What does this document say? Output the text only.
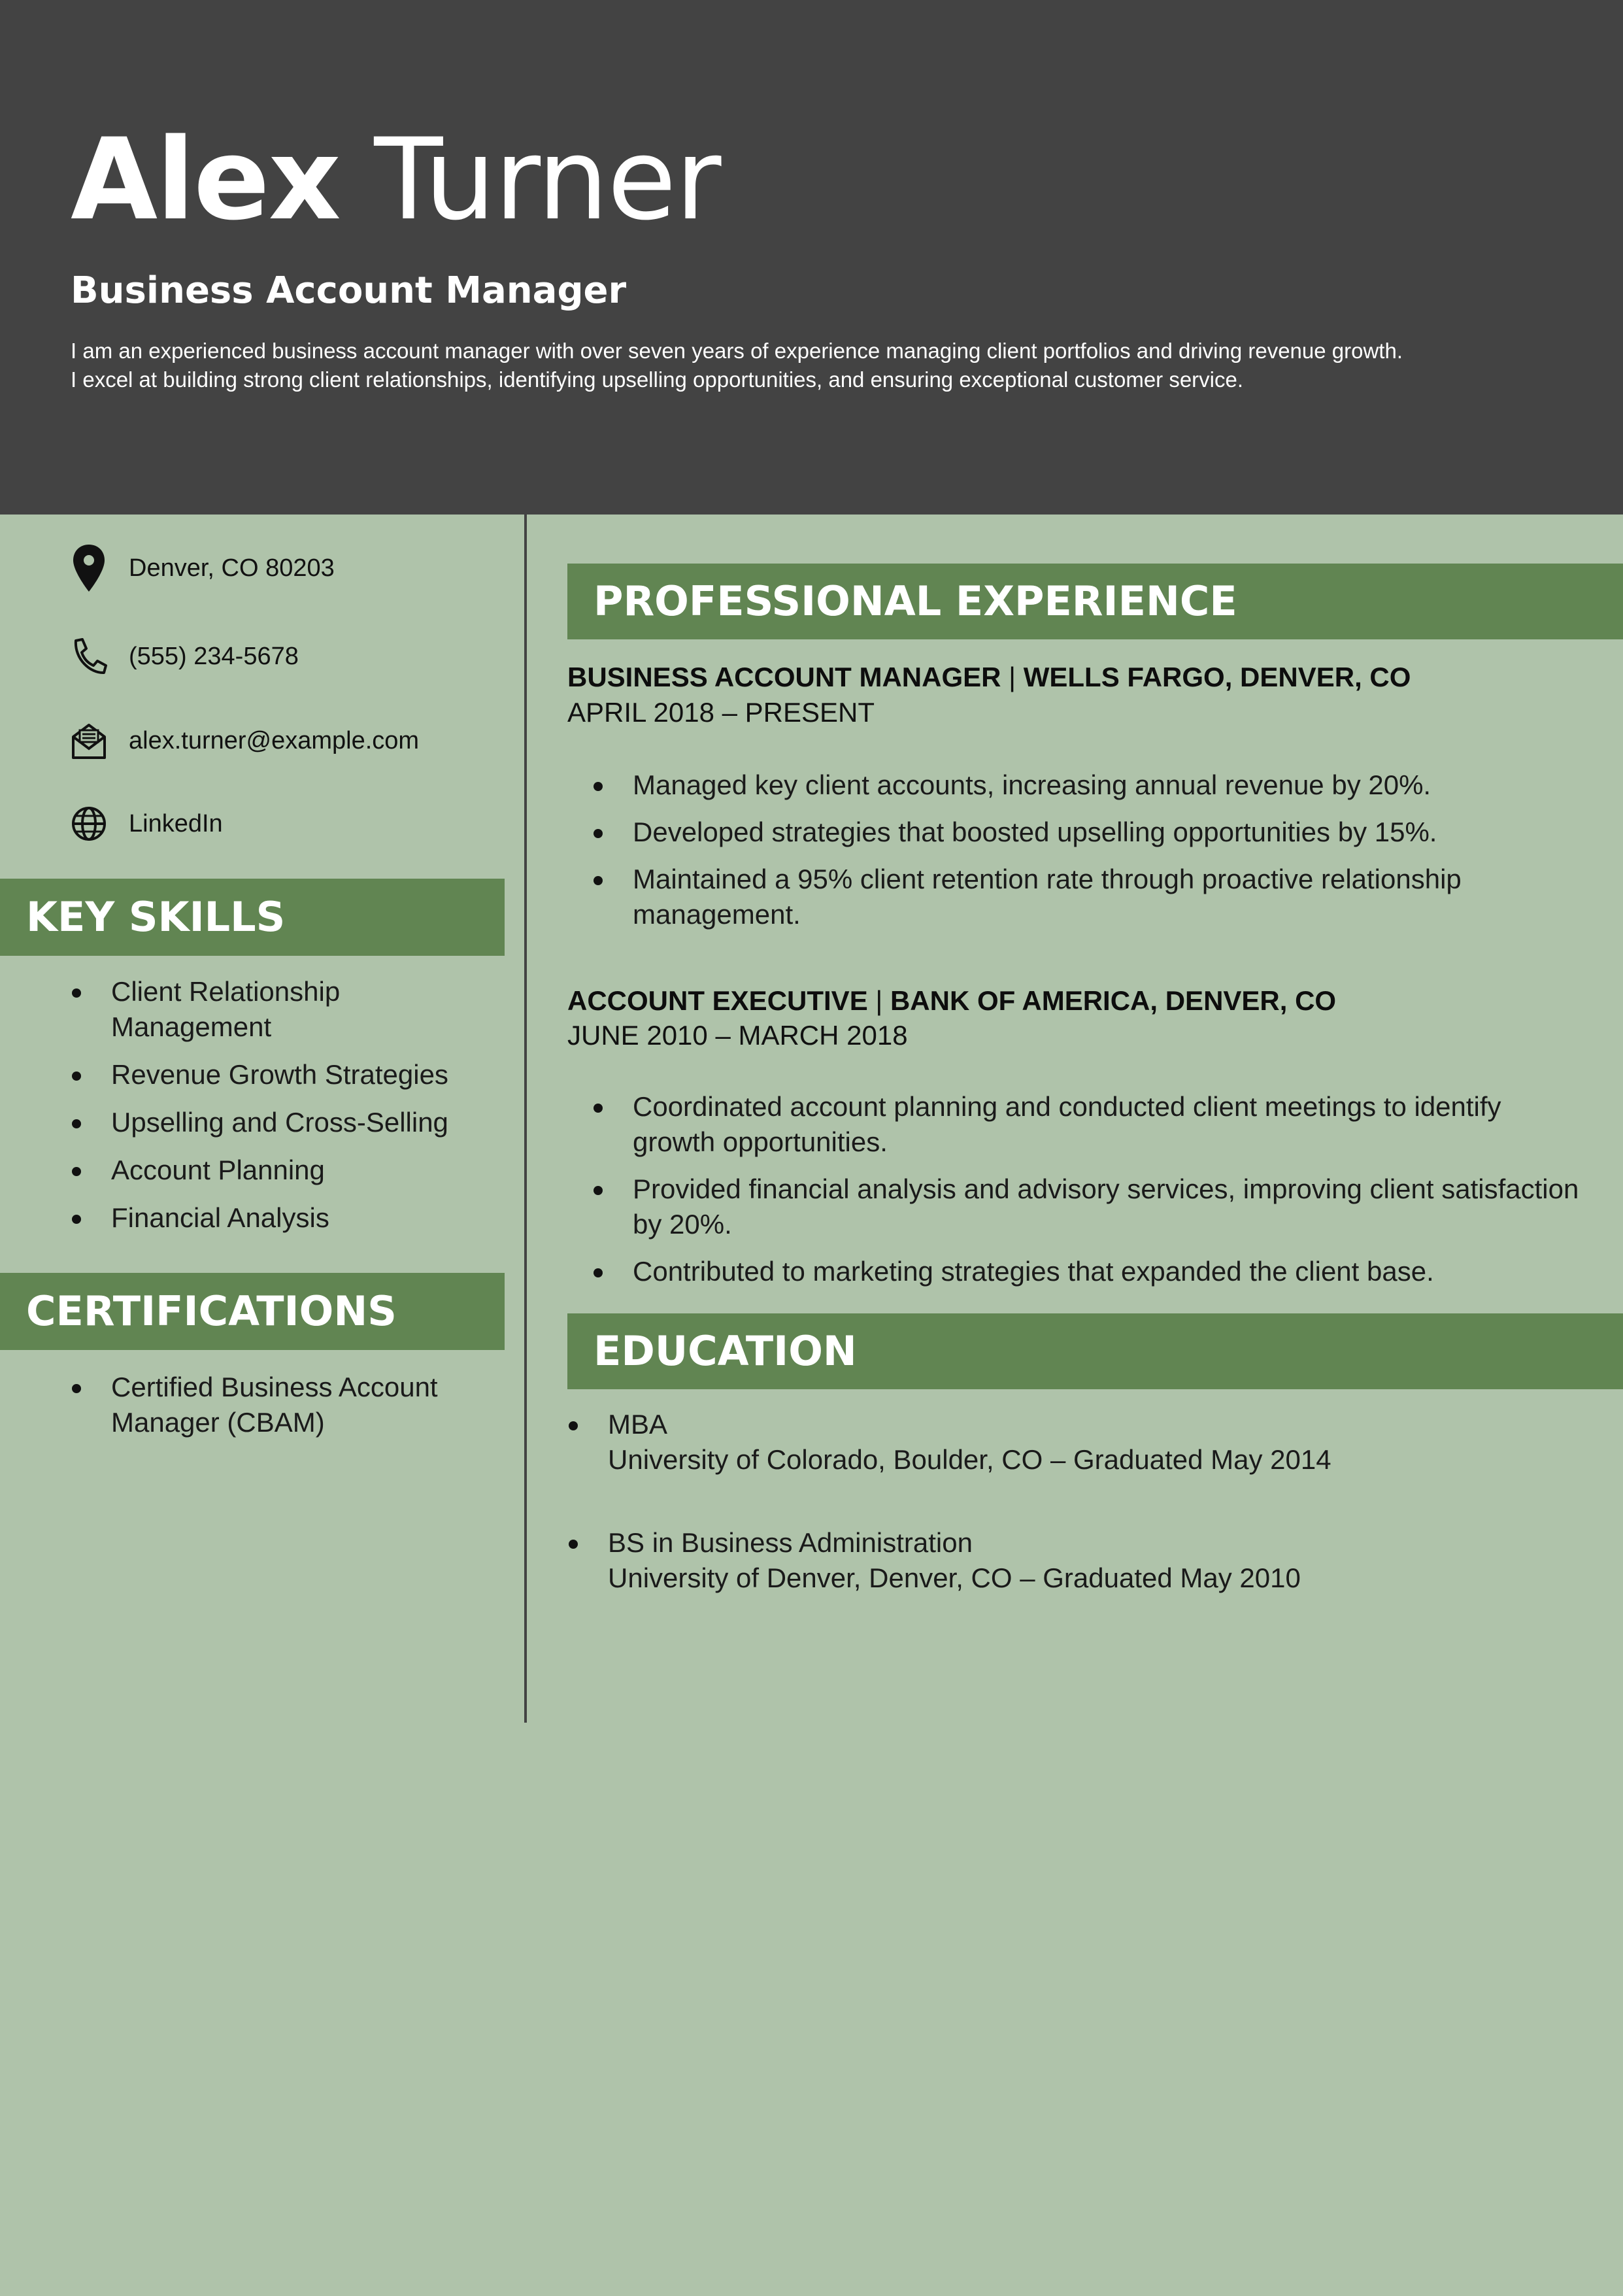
Alex Turner
Business Account Manager

I am an experienced business account manager with over seven years of experience managing client portfolios and driving revenue growth.

I excel at building strong client relationships, identifying upselling opportunities, and ensuring exceptional customer service.

Denver, CO 80203
(555) 234-5678
alex.turner@example.com
LinkedIn
KEY SKILLS
Client Relationship Management
Revenue Growth Strategies
Upselling and Cross-Selling
Account Planning
Financial Analysis
CERTIFICATIONS
Certified Business Account Manager (CBAM)
PROFESSIONAL EXPERIENCE
BUSINESS ACCOUNT MANAGER | WELLS FARGO, DENVER, CO
APRIL 2018 – PRESENT
Managed key client accounts, increasing annual revenue by 20%.
Developed strategies that boosted upselling opportunities by 15%.
Maintained a 95% client retention rate through proactive relationship management.
ACCOUNT EXECUTIVE | BANK OF AMERICA, DENVER, CO
JUNE 2010 – MARCH 2018
Coordinated account planning and conducted client meetings to identify growth opportunities.
Provided financial analysis and advisory services, improving client satisfaction by 20%.
Contributed to marketing strategies that expanded the client base.
EDUCATION
MBA
University of Colorado, Boulder, CO – Graduated May 2014
BS in Business Administration
University of Denver, Denver, CO – Graduated May 2010
